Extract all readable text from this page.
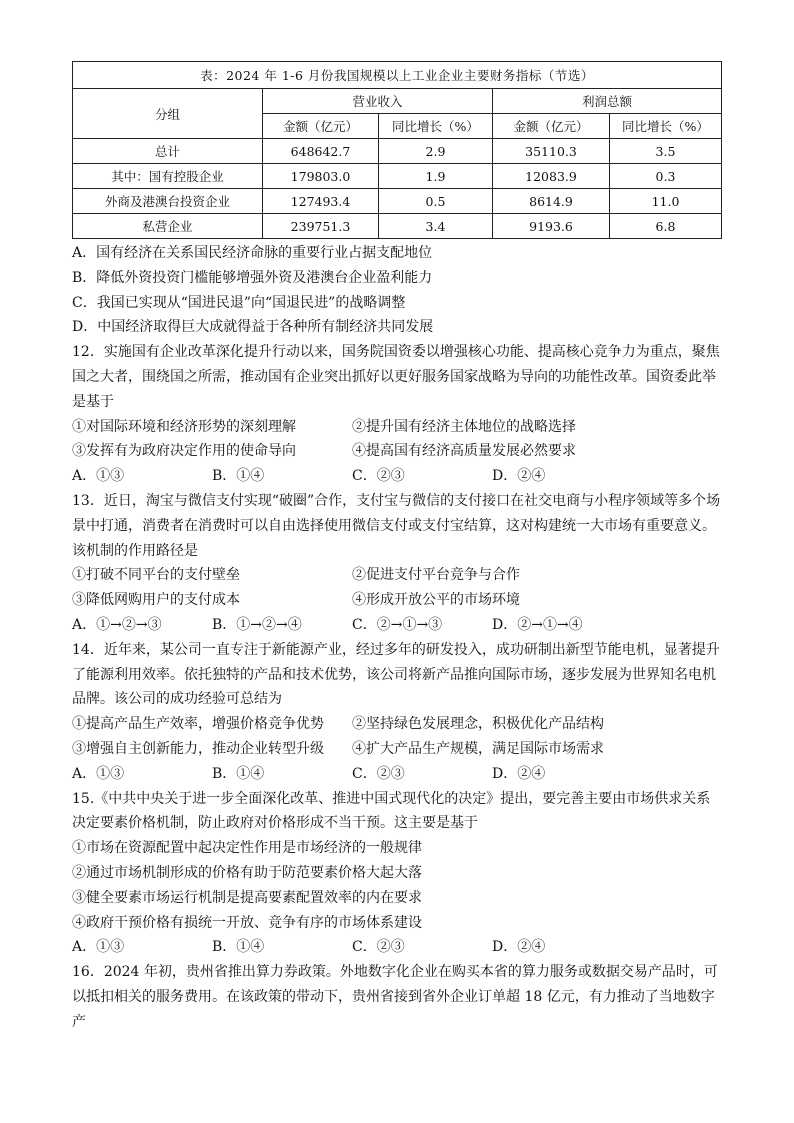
表：2024 年 1-6 月份我国规模以上工业企业主要财务指标（节选）				
分组	营业收入		利润总额	
	金额（亿元）	同比增长（%）	金额（亿元）	同比增长（%）
总计	648642.7	2.9	35110.3	3.5
其中：国有控股企业	179803.0	1.9	12083.9	0.3
外商及港澳台投资企业	127493.4	0.5	8614.9	11.0
私营企业	239751.3	3.4	9193.6	6.8
A．国有经济在关系国民经济命脉的重要行业占据支配地位
B．降低外资投资门槛能够增强外资及港澳台企业盈利能力
C．我国已实现从“国进民退”向“国退民进”的战略调整
D．中国经济取得巨大成就得益于各种所有制经济共同发展
12．实施国有企业改革深化提升行动以来，国务院国资委以增强核心功能、提高核心竞争力为重点，聚焦国之大者，围绕国之所需，推动国有企业突出抓好以更好服务国家战略为导向的功能性改革。国资委此举是基于
①对国际环境和经济形势的深刻理解	②提升国有经济主体地位的战略选择
③发挥有为政府决定作用的使命导向	④提高国有经济高质量发展必然要求
A．①③	B．①④	C．②③	D．②④
13．近日，淘宝与微信支付实现“破圈”合作，支付宝与微信的支付接口在社交电商与小程序领域等多个场景中打通，消费者在消费时可以自由选择使用微信支付或支付宝结算，这对构建统一大市场有重要意义。该机制的作用路径是
①打破不同平台的支付壁垒	②促进支付平台竞争与合作
③降低网购用户的支付成本	④形成开放公平的市场环境
A．①→②→③	B．①→②→④	C．②→①→③	D．②→①→④
14．近年来，某公司一直专注于新能源产业，经过多年的研发投入，成功研制出新型节能电机，显著提升了能源利用效率。依托独特的产品和技术优势，该公司将新产品推向国际市场，逐步发展为世界知名电机品牌。该公司的成功经验可总结为
①提高产品生产效率，增强价格竞争优势	②坚持绿色发展理念，积极优化产品结构
③增强自主创新能力，推动企业转型升级	④扩大产品生产规模，满足国际市场需求
A．①③	B．①④	C．②③	D．②④
15.《中共中央关于进一步全面深化改革、推进中国式现代化的决定》提出，要完善主要由市场供求关系决定要素价格机制，防止政府对价格形成不当干预。这主要是基于
①市场在资源配置中起决定性作用是市场经济的一般规律
②通过市场机制形成的价格有助于防范要素价格大起大落
③健全要素市场运行机制是提高要素配置效率的内在要求
④政府干预价格有损统一开放、竞争有序的市场体系建设
A．①③	B．①④	C．②③	D．②④
16．2024 年初，贵州省推出算力券政策。外地数字化企业在购买本省的算力服务或数据交易产品时，可以抵扣相关的服务费用。在该政策的带动下，贵州省接到省外企业订单超 18 亿元，有力推动了当地数字产
